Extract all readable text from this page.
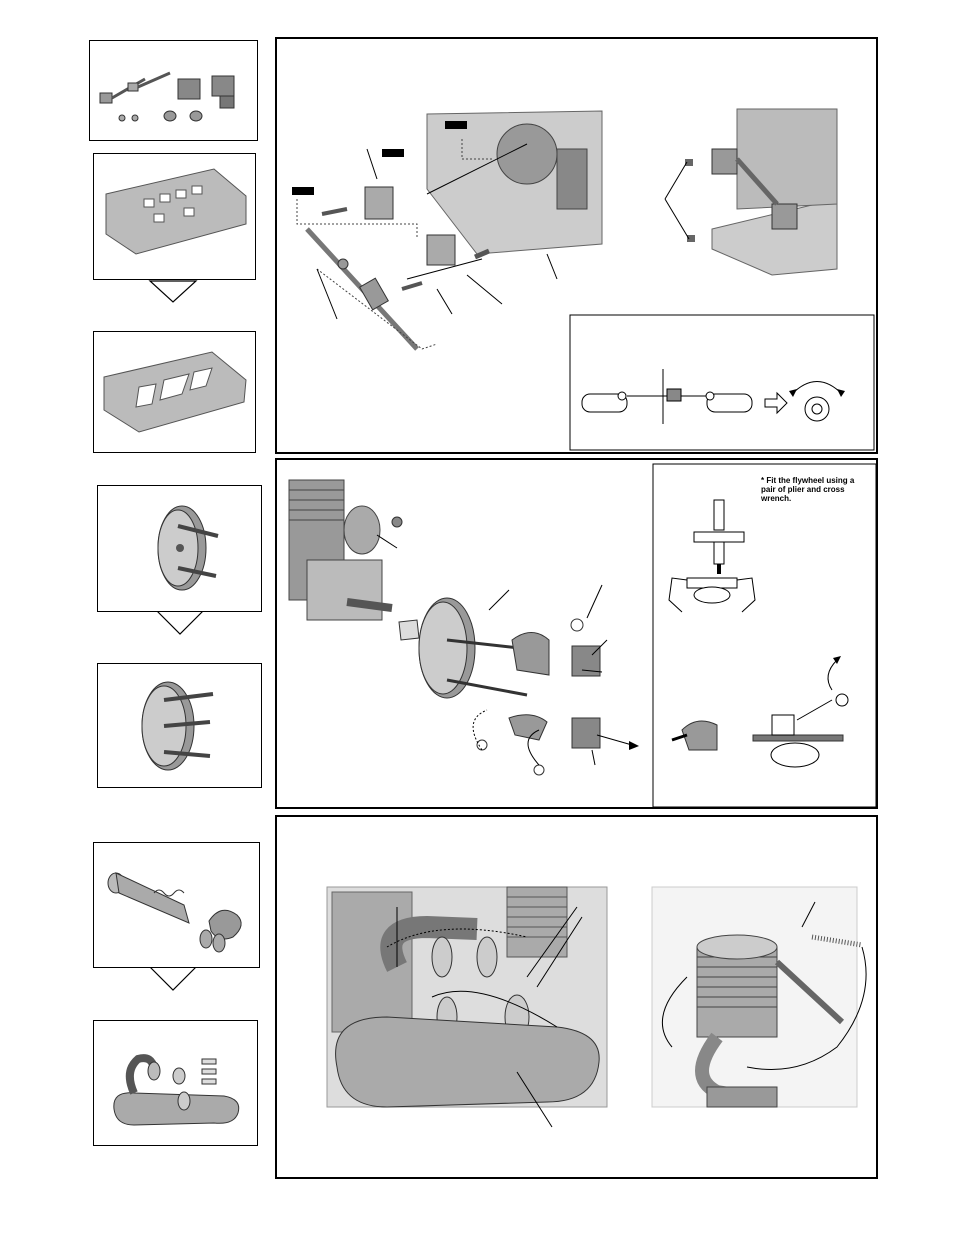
* Fit the flywheel using a pair of plier and cross wrench.
